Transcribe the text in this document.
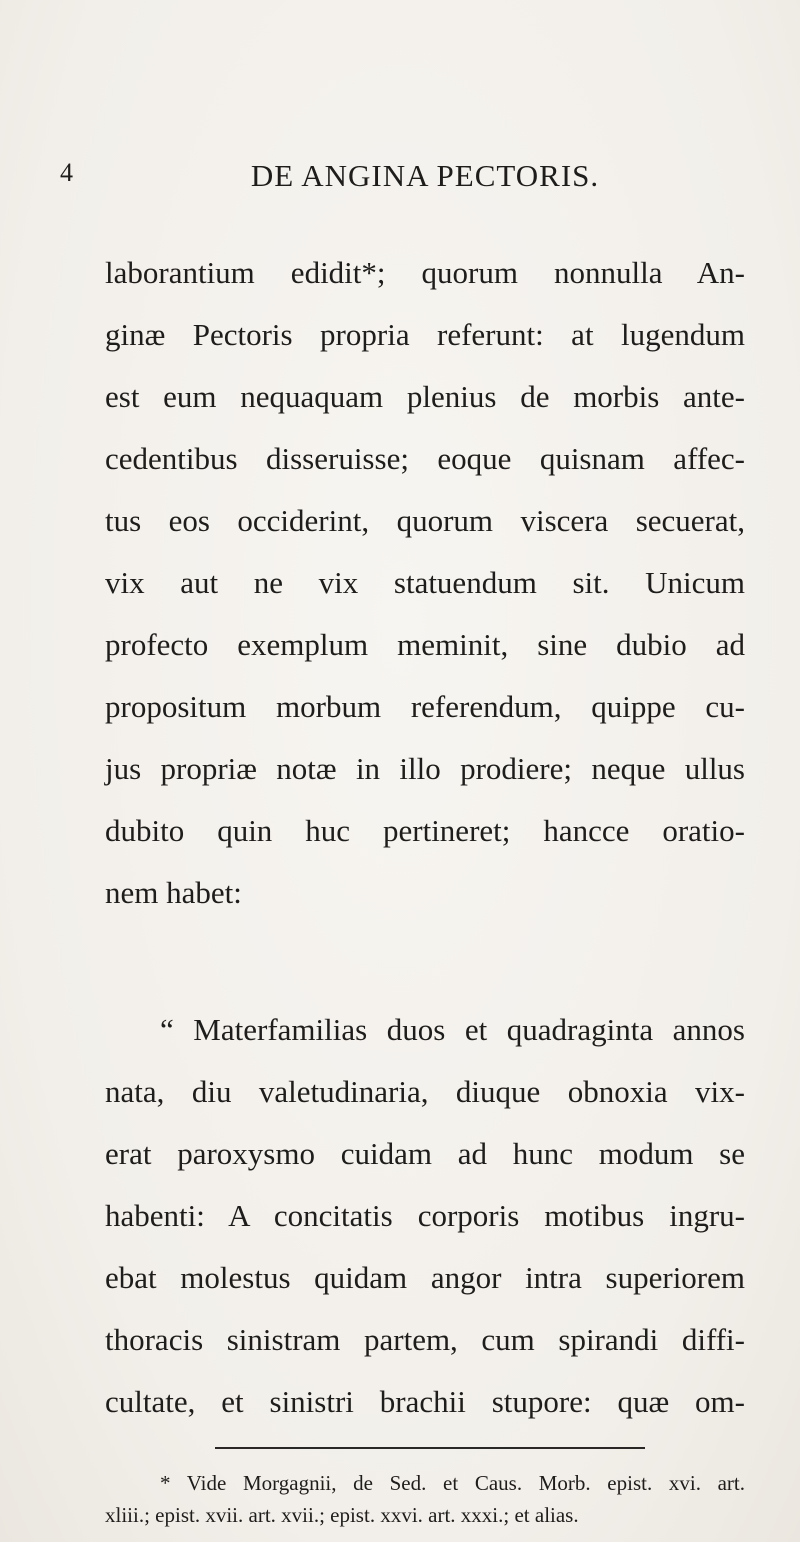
4	DE ANGINA PECTORIS.
laborantium edidit*; quorum nonnulla An-
ginæ Pectoris propria referunt: at lugendum
est eum nequaquam plenius de morbis ante-
cedentibus disseruisse; eoque quisnam affec-
tus eos occiderint, quorum viscera secuerat,
vix aut ne vix statuendum sit. Unicum
profecto exemplum meminit, sine dubio ad
propositum morbum referendum, quippe cu-
jus propriæ notæ in illo prodiere; neque ullus
dubito quin huc pertineret; hancce oratio-
nem habet:
“ Materfamilias duos et quadraginta annos
nata, diu valetudinaria, diuque obnoxia vix-
erat paroxysmo cuidam ad hunc modum se
habenti: A concitatis corporis motibus ingru-
ebat molestus quidam angor intra superiorem
thoracis sinistram partem, cum spirandi diffi-
cultate, et sinistri brachii stupore: quæ om-
* Vide Morgagnii, de Sed. et Caus. Morb. epist. xvi. art.
xliii.; epist. xvii. art. xvii.; epist. xxvi. art. xxxi.; et alias.
